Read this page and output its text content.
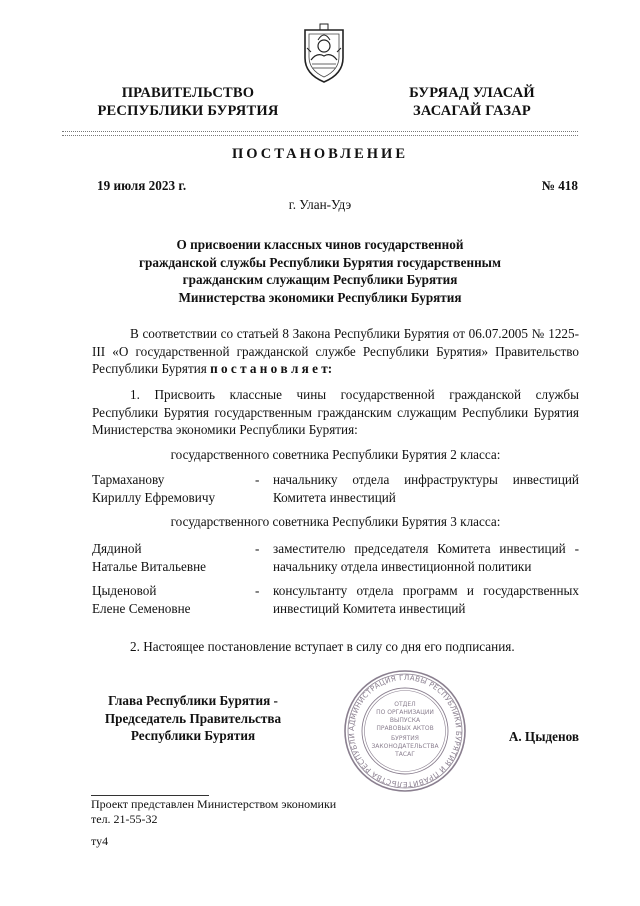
ПРАВИТЕЛЬСТВО
РЕСПУБЛИКИ БУРЯТИЯ
БУРЯАД УЛАСАЙ
ЗАСАГАЙ ГАЗАР
ПОСТАНОВЛЕНИЕ
19 июля 2023 г.	№ 418
г. Улан-Удэ
О присвоении классных чинов государственной
гражданской службы Республики Бурятия государственным
гражданским служащим Республики Бурятия
Министерства экономики Республики Бурятия
В соответствии со статьей 8 Закона Республики Бурятия от 06.07.2005 № 1225-III «О государственной гражданской службе Республики Бурятия» Правительство Республики Бурятия п о с т а н о в л я е т:
1. Присвоить классные чины государственной гражданской службы Республики Бурятия государственным гражданским служащим Республики Бурятия Министерства экономики Республики Бурятия:
государственного советника Республики Бурятия 2 класса:
Тармаханову
Кириллу Ефремовичу
- начальнику отдела инфраструктуры инвестиций Комитета инвестиций
государственного советника Республики Бурятия 3 класса:
Дядиной
Наталье Витальевне
- заместителю председателя Комитета инвестиций - начальнику отдела инвестиционной политики
Цыденовой
Елене Семеновне
- консультанту отдела программ и государственных инвестиций Комитета инвестиций
2. Настоящее постановление вступает в силу со дня его подписания.
Глава Республики Бурятия -
Председатель Правительства
Республики Бурятия	АДМИНИСТРАЦИЯ ГЛАВЫ РЕСПУБЛИКИ БУРЯТИЯ И ПРАВИТЕЛЬСТВА РЕСПУБЛИ
ОТДЕЛ
ПО ОРГАНИЗАЦИИ
ВЫПУСКА
ПРАВОВЫХ АКТОВ
БУРЯТИЯ
ЗАКОНОДАТЕЛЬСТВА
ТАСАГ
А. Цыденов
Проект представлен Министерством экономики
тел. 21-55-32
ту4
